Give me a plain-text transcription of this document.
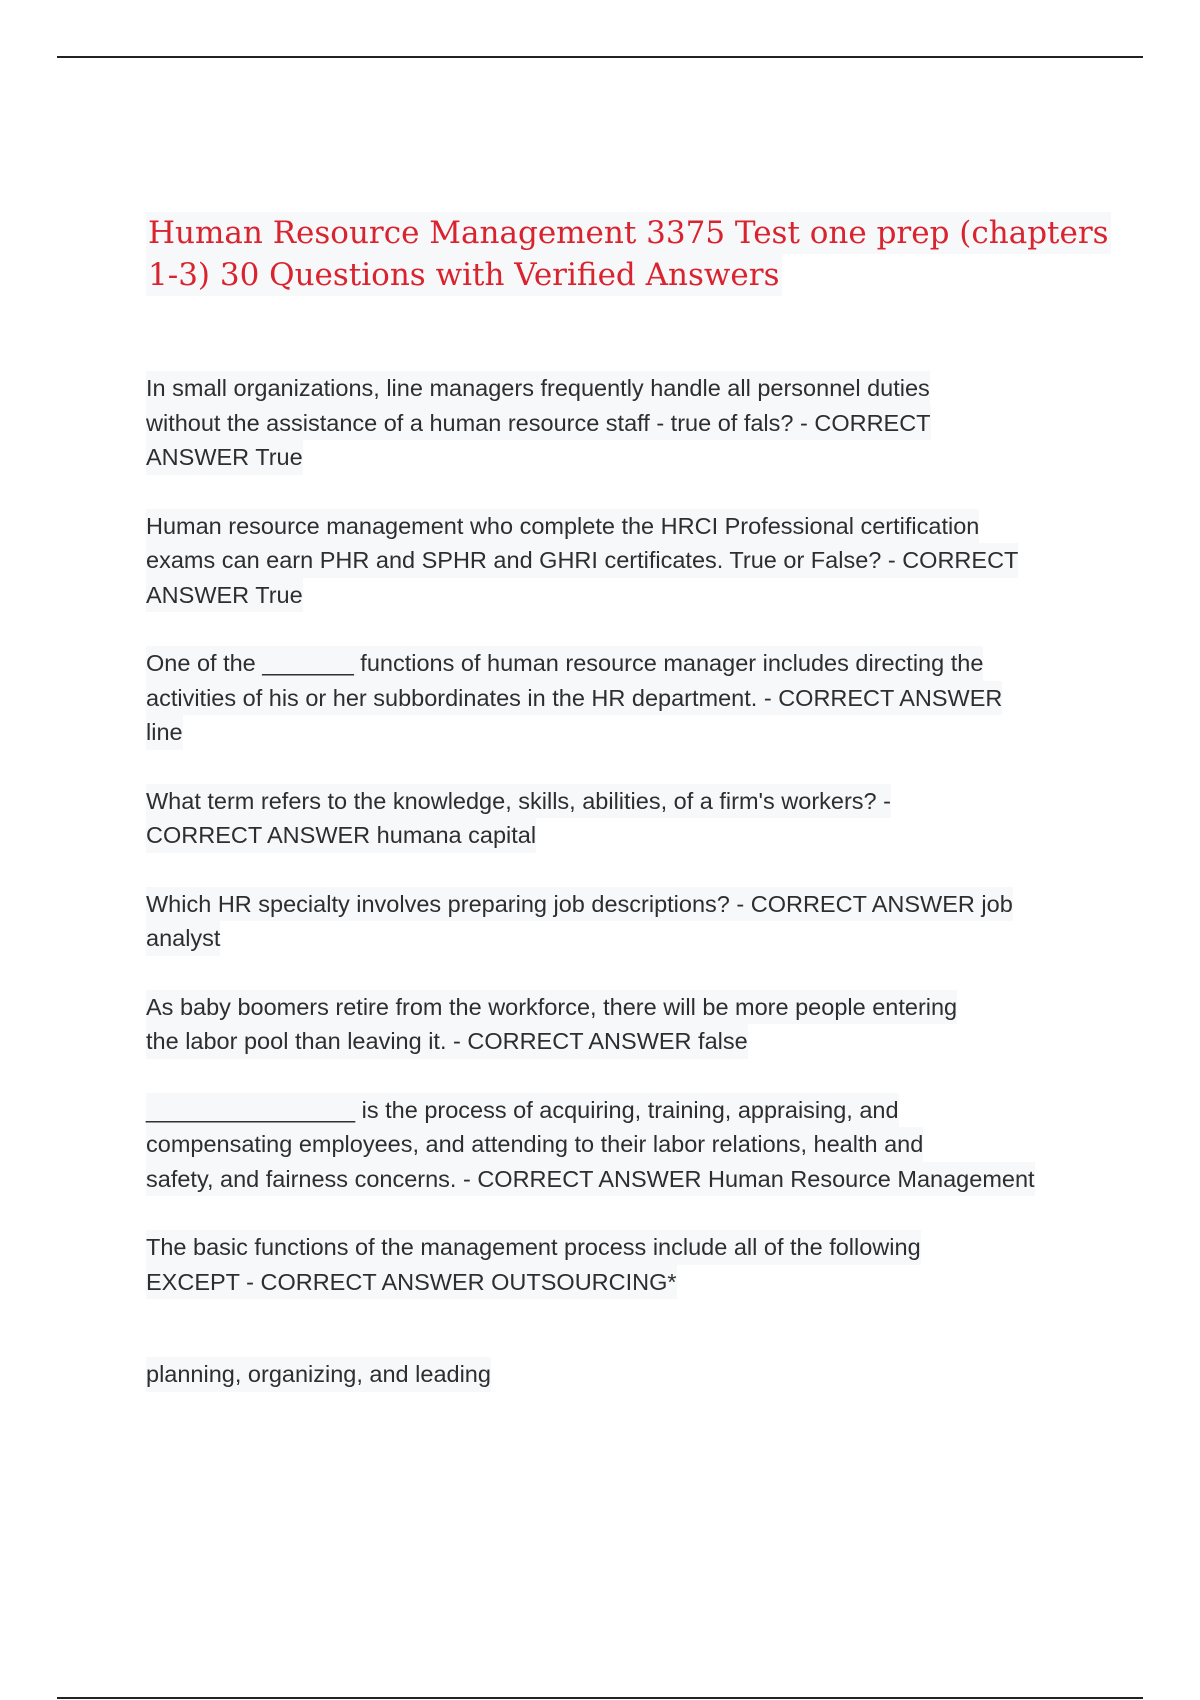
Human Resource Management 3375 Test one prep (chapters
1-3) 30 Questions with Verified Answers

In small organizations, line managers frequently handle all personnel duties
without the assistance of a human resource staff - true of fals? - CORRECT
ANSWER True

Human resource management who complete the HRCI Professional certification
exams can earn PHR and SPHR and GHRI certificates. True or False? - CORRECT
ANSWER True

One of the _______ functions of human resource manager includes directing the
activities of his or her subbordinates in the HR department. - CORRECT ANSWER
line

What term refers to the knowledge, skills, abilities, of a firm's workers? -
CORRECT ANSWER humana capital

Which HR specialty involves preparing job descriptions? - CORRECT ANSWER job
analyst

As baby boomers retire from the workforce, there will be more people entering
the labor pool than leaving it. - CORRECT ANSWER false

________________ is the process of acquiring, training, appraising, and
compensating employees, and attending to their labor relations, health and
safety, and fairness concerns. - CORRECT ANSWER Human Resource Management

The basic functions of the management process include all of the following
EXCEPT - CORRECT ANSWER OUTSOURCING*

planning, organizing, and leading
